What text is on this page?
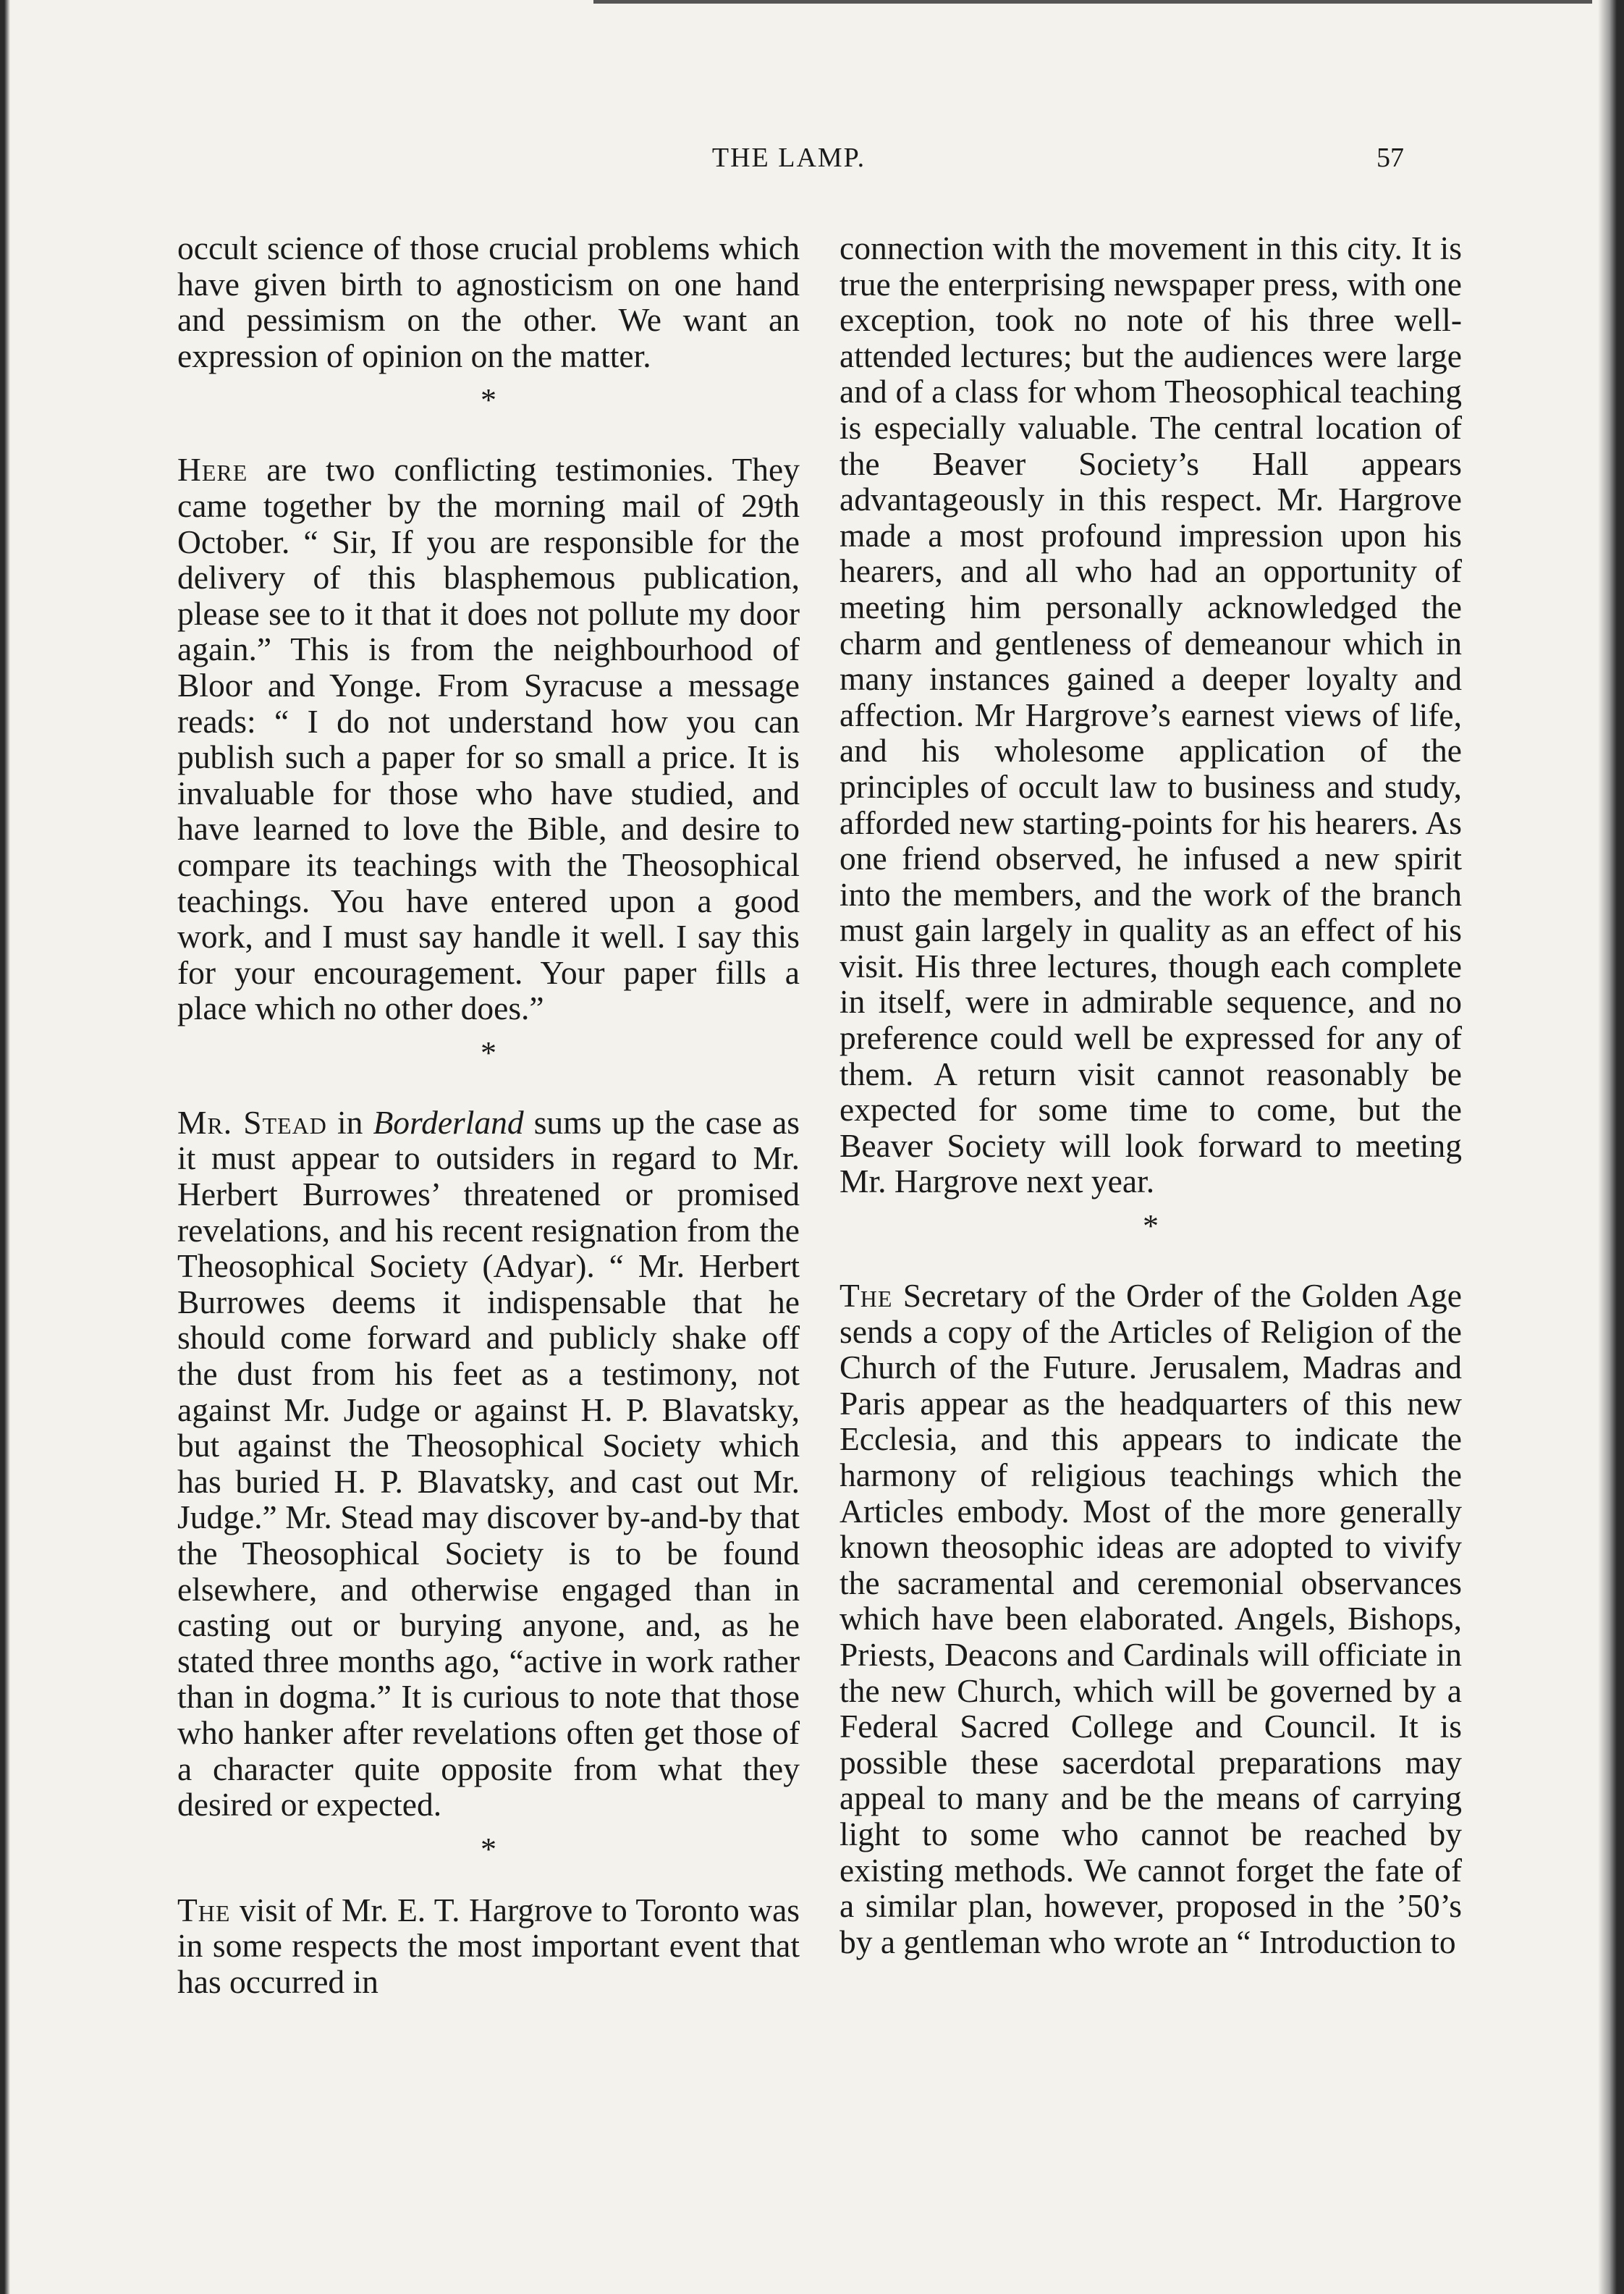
THE LAMP.	57

occult science of those crucial problems which have given birth to agnosticism on one hand and pessimism on the other. We want an expression of opinion on the matter.

*

Here are two conflicting testimonies. They came together by the morning mail of 29th October. “ Sir, If you are responsible for the delivery of this blasphemous publication, please see to it that it does not pollute my door again.” This is from the neighbourhood of Bloor and Yonge. From Syracuse a message reads: “ I do not understand how you can publish such a paper for so small a price. It is invaluable for those who have studied, and have learned to love the Bible, and desire to compare its teachings with the Theosophical teachings. You have entered upon a good work, and I must say handle it well. I say this for your encouragement. Your paper fills a place which no other does.”

*

Mr. Stead in Borderland sums up the case as it must appear to outsiders in regard to Mr. Herbert Burrowes’ threatened or promised revelations, and his recent resignation from the Theosophical Society (Adyar). “ Mr. Herbert Burrowes deems it indispensable that he should come forward and publicly shake off the dust from his feet as a testimony, not against Mr. Judge or against H. P. Blavatsky, but against the Theosophical Society which has buried H. P. Blavatsky, and cast out Mr. Judge.” Mr. Stead may discover by-and-by that the Theosophical Society is to be found elsewhere, and otherwise engaged than in casting out or burying anyone, and, as he stated three months ago, “active in work rather than in dogma.” It is curious to note that those who hanker after revelations often get those of a character quite opposite from what they desired or expected.

*

The visit of Mr. E. T. Hargrove to Toronto was in some respects the most important event that has occurred in

connection with the movement in this city. It is true the enterprising newspaper press, with one exception, took no note of his three well-attended lectures; but the audiences were large and of a class for whom Theosophical teaching is especially valuable. The central location of the Beaver Society’s Hall appears advantageously in this respect. Mr. Hargrove made a most profound impression upon his hearers, and all who had an opportunity of meeting him personally acknowledged the charm and gentleness of demeanour which in many instances gained a deeper loyalty and affection. Mr Hargrove’s earnest views of life, and his wholesome application of the principles of occult law to business and study, afforded new starting-points for his hearers. As one friend observed, he infused a new spirit into the members, and the work of the branch must gain largely in quality as an effect of his visit. His three lectures, though each complete in itself, were in admirable sequence, and no preference could well be expressed for any of them. A return visit cannot reasonably be expected for some time to come, but the Beaver Society will look forward to meeting Mr. Hargrove next year.

*

The Secretary of the Order of the Golden Age sends a copy of the Articles of Religion of the Church of the Future. Jerusalem, Madras and Paris appear as the headquarters of this new Ecclesia, and this appears to indicate the harmony of religious teachings which the Articles embody. Most of the more generally known theosophic ideas are adopted to vivify the sacramental and ceremonial observances which have been elaborated. Angels, Bishops, Priests, Deacons and Cardinals will officiate in the new Church, which will be governed by a Federal Sacred College and Council. It is possible these sacerdotal preparations may appeal to many and be the means of carrying light to some who cannot be reached by existing methods. We cannot forget the fate of a similar plan, however, proposed in the ’50’s by a gentleman who wrote an “ Introduction to
